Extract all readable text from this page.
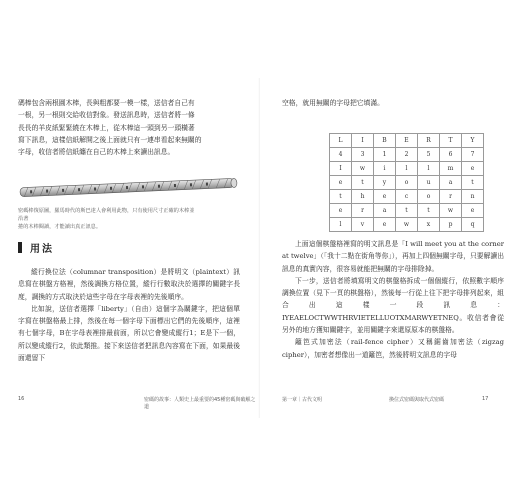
碼棒包含兩根圓木棒，長與粗都要一模一樣，送信者自己有

一根，另一根則交給收信對象。發送訊息時，送信者將一條

長長的羊皮紙緊緊繞在木棒上，從木棒這一頭到另一頭橫著

寫下訊息，這樣信紙解開之後上面就只有一連串看起來無關的

字母，收信者將信紙纏在自己的木棒上來讀出訊息。

密碼棒復原圖，羅馬時代的斯巴達人會利用此物，只有使用尺寸正確的木棒並沿著

捲的木棒閱讀，才能讀出真正訊息。

用法

縱行換位法（columnar transposition）是將明文（plaintext）訊息寫在棋盤方格裡，然後調換方格位置，縱行行數取決於選擇的關鍵字長度，調換的方式取決於這些字母在字母表裡的先後順序。

比如說，送信者選擇「liberty」（自由）這個字為關鍵字，把這個單字寫在棋盤格最上排，然後在每一個字母下面標出它們的先後順序，這裡有七個字母，B在字母表裡排最前面，所以它會變成縱行1；E是下一個，所以變成縱行2，依此類推。接下來送信者把訊息內容寫在下面，如果最後面還留下

16	密碼的故事：人類史上最重要的45種密碼與破解之道

空格，就用無關的字母把它填滿。

L	I	B	E	R	T	Y
4	3	1	2	5	6	7
I	w	i	l	l	m	e
e	t	y	o	u	a	t
t	h	e	c	o	r	n
e	r	a	t	t	w	e
l	v	e	w	x	p	q

上面這個棋盤格裡寫的明文訊息是「I will meet you at the corner at twelve」（「我十二點在街角等你」），再加上四個無關字母，只要解讀出訊息的真實內容，很容易就能把無關的字母排除掉。

下一步，送信者將填寫明文的棋盤格拆成一個個縱行，依照數字順序調換位置（見下一頁的棋盤格），然後每一行從上往下把字母排列起來，組合出這樣一段訊息：IYEAELOCTWWTHRVIETELLUOTXMARWYETNEQ。收信者會從另外的地方獲知關鍵字，並用關鍵字來還原原本的棋盤格。

籬笆式加密法（rail-fence cipher）又稱鋸齒加密法（zigzag cipher），加密者想像出一道籬笆，然後將明文訊息的字母

第一章｜古代文明	換位式密碼與取代式密碼	17
